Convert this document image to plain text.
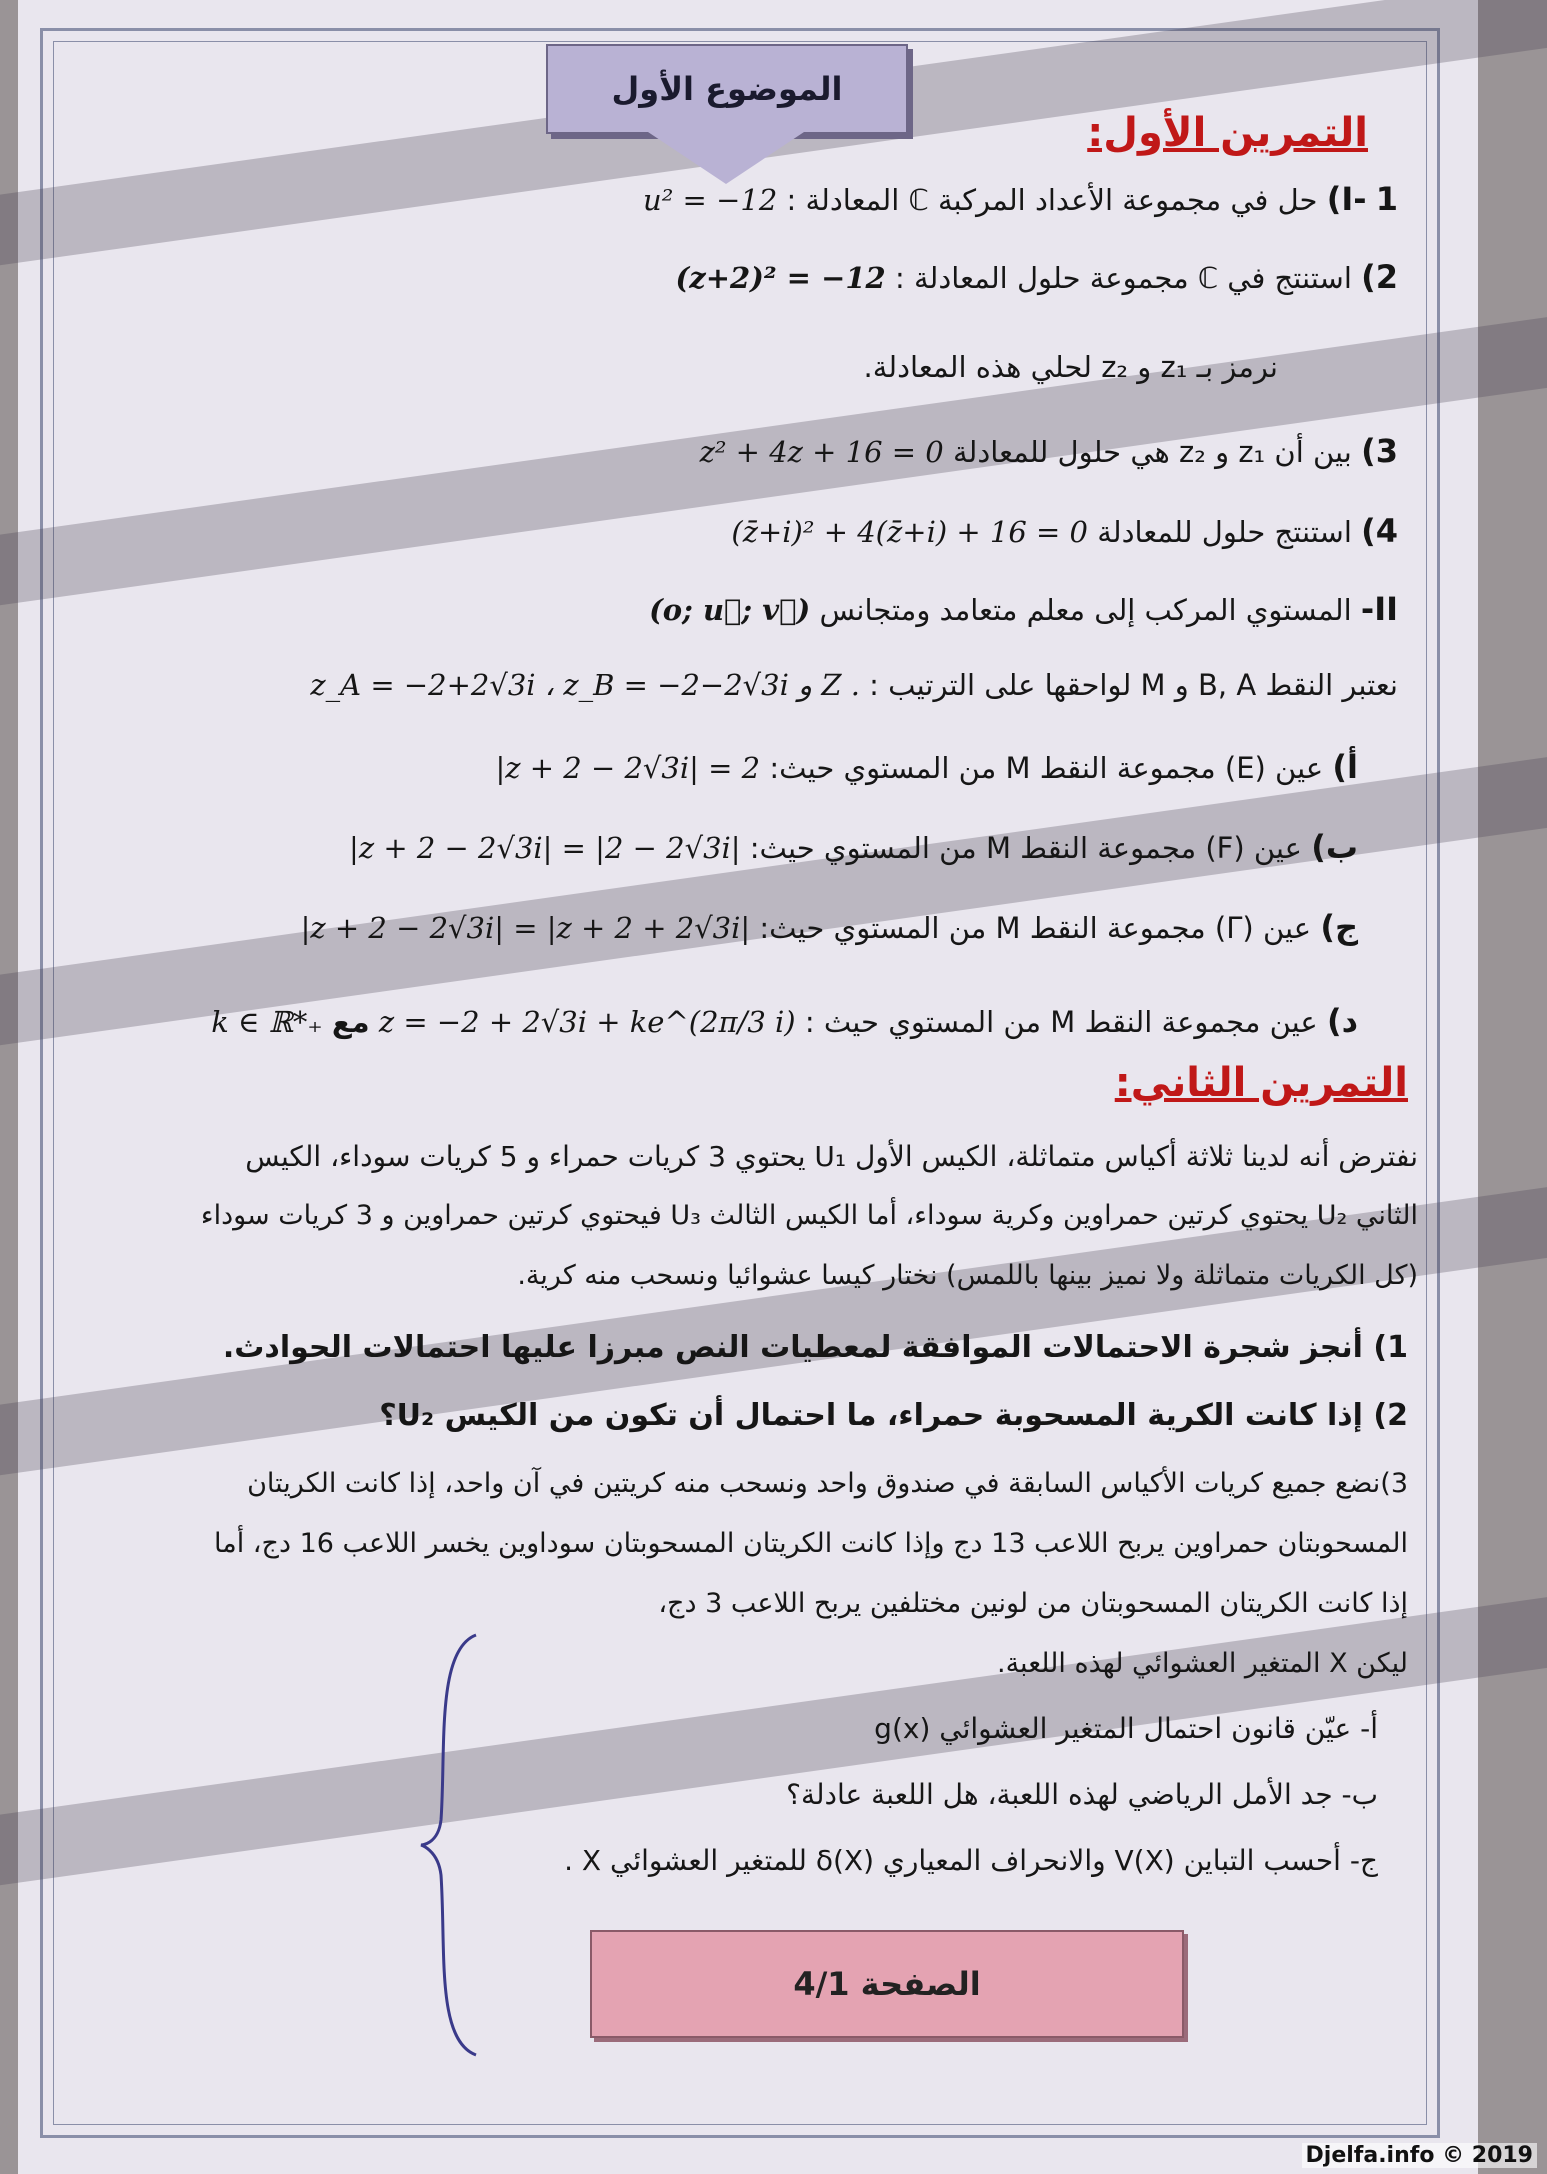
الموضوع الأول
التمرين الأول:
I- 1) حل في مجموعة الأعداد المركبة ℂ المعادلة : u² = −12
2) استنتج في ℂ مجموعة حلول المعادلة : (z+2)² = −12
نرمز بـ z₁ و z₂ لحلي هذه المعادلة.
3) بين أن z₁ و z₂ هي حلول للمعادلة z² + 4z + 16 = 0
4) استنتج حلول للمعادلة (z̄+i)² + 4(z̄+i) + 16 = 0
II- المستوي المركب إلى معلم متعامد ومتجانس (o; u⃗; v⃗)
نعتبر النقط B, A و M لواحقها على الترتيب : z_A = −2+2√3i ، z_B = −2−2√3i و Z .
أ) عين (E) مجموعة النقط M من المستوي حيث: |z + 2 − 2√3i| = 2
ب) عين (F) مجموعة النقط M من المستوي حيث: |z + 2 − 2√3i| = |2 − 2√3i|
ج) عين (Γ) مجموعة النقط M من المستوي حيث: |z + 2 − 2√3i| = |z + 2 + 2√3i|
د) عين مجموعة النقط M من المستوي حيث : z = −2 + 2√3i + ke^(2π/3 i) مع k ∈ ℝ*₊
التمرين الثاني:
نفترض أنه لدينا ثلاثة أكياس متماثلة، الكيس الأول U₁ يحتوي 3 كريات حمراء و 5 كريات سوداء، الكيس
الثاني U₂ يحتوي كرتين حمراوين وكرية سوداء، أما الكيس الثالث U₃ فيحتوي كرتين حمراوين و 3 كريات سوداء
(كل الكريات متماثلة ولا نميز بينها باللمس) نختار كيسا عشوائيا ونسحب منه كرية.
1) أنجز شجرة الاحتمالات الموافقة لمعطيات النص مبرزا عليها احتمالات الحوادث.
2) إذا كانت الكرية المسحوبة حمراء، ما احتمال أن تكون من الكيس U₂؟
3)نضع جميع كريات الأكياس السابقة في صندوق واحد ونسحب منه كريتين في آن واحد، إذا كانت الكريتان
المسحوبتان حمراوين يربح اللاعب 13 دج وإذا كانت الكريتان المسحوبتان سوداوين يخسر اللاعب 16 دج، أما
إذا كانت الكريتان المسحوبتان من لونين مختلفين يربح اللاعب 3 دج،
ليكن X المتغير العشوائي لهذه اللعبة.
أ- عيّن قانون احتمال المتغير العشوائي g(x)
ب- جد الأمل الرياضي لهذه اللعبة، هل اللعبة عادلة؟
ج- أحسب التباين V(X) والانحراف المعياري δ(X) للمتغير العشوائي X .
الصفحة 4/1
Djelfa.info © 2019
